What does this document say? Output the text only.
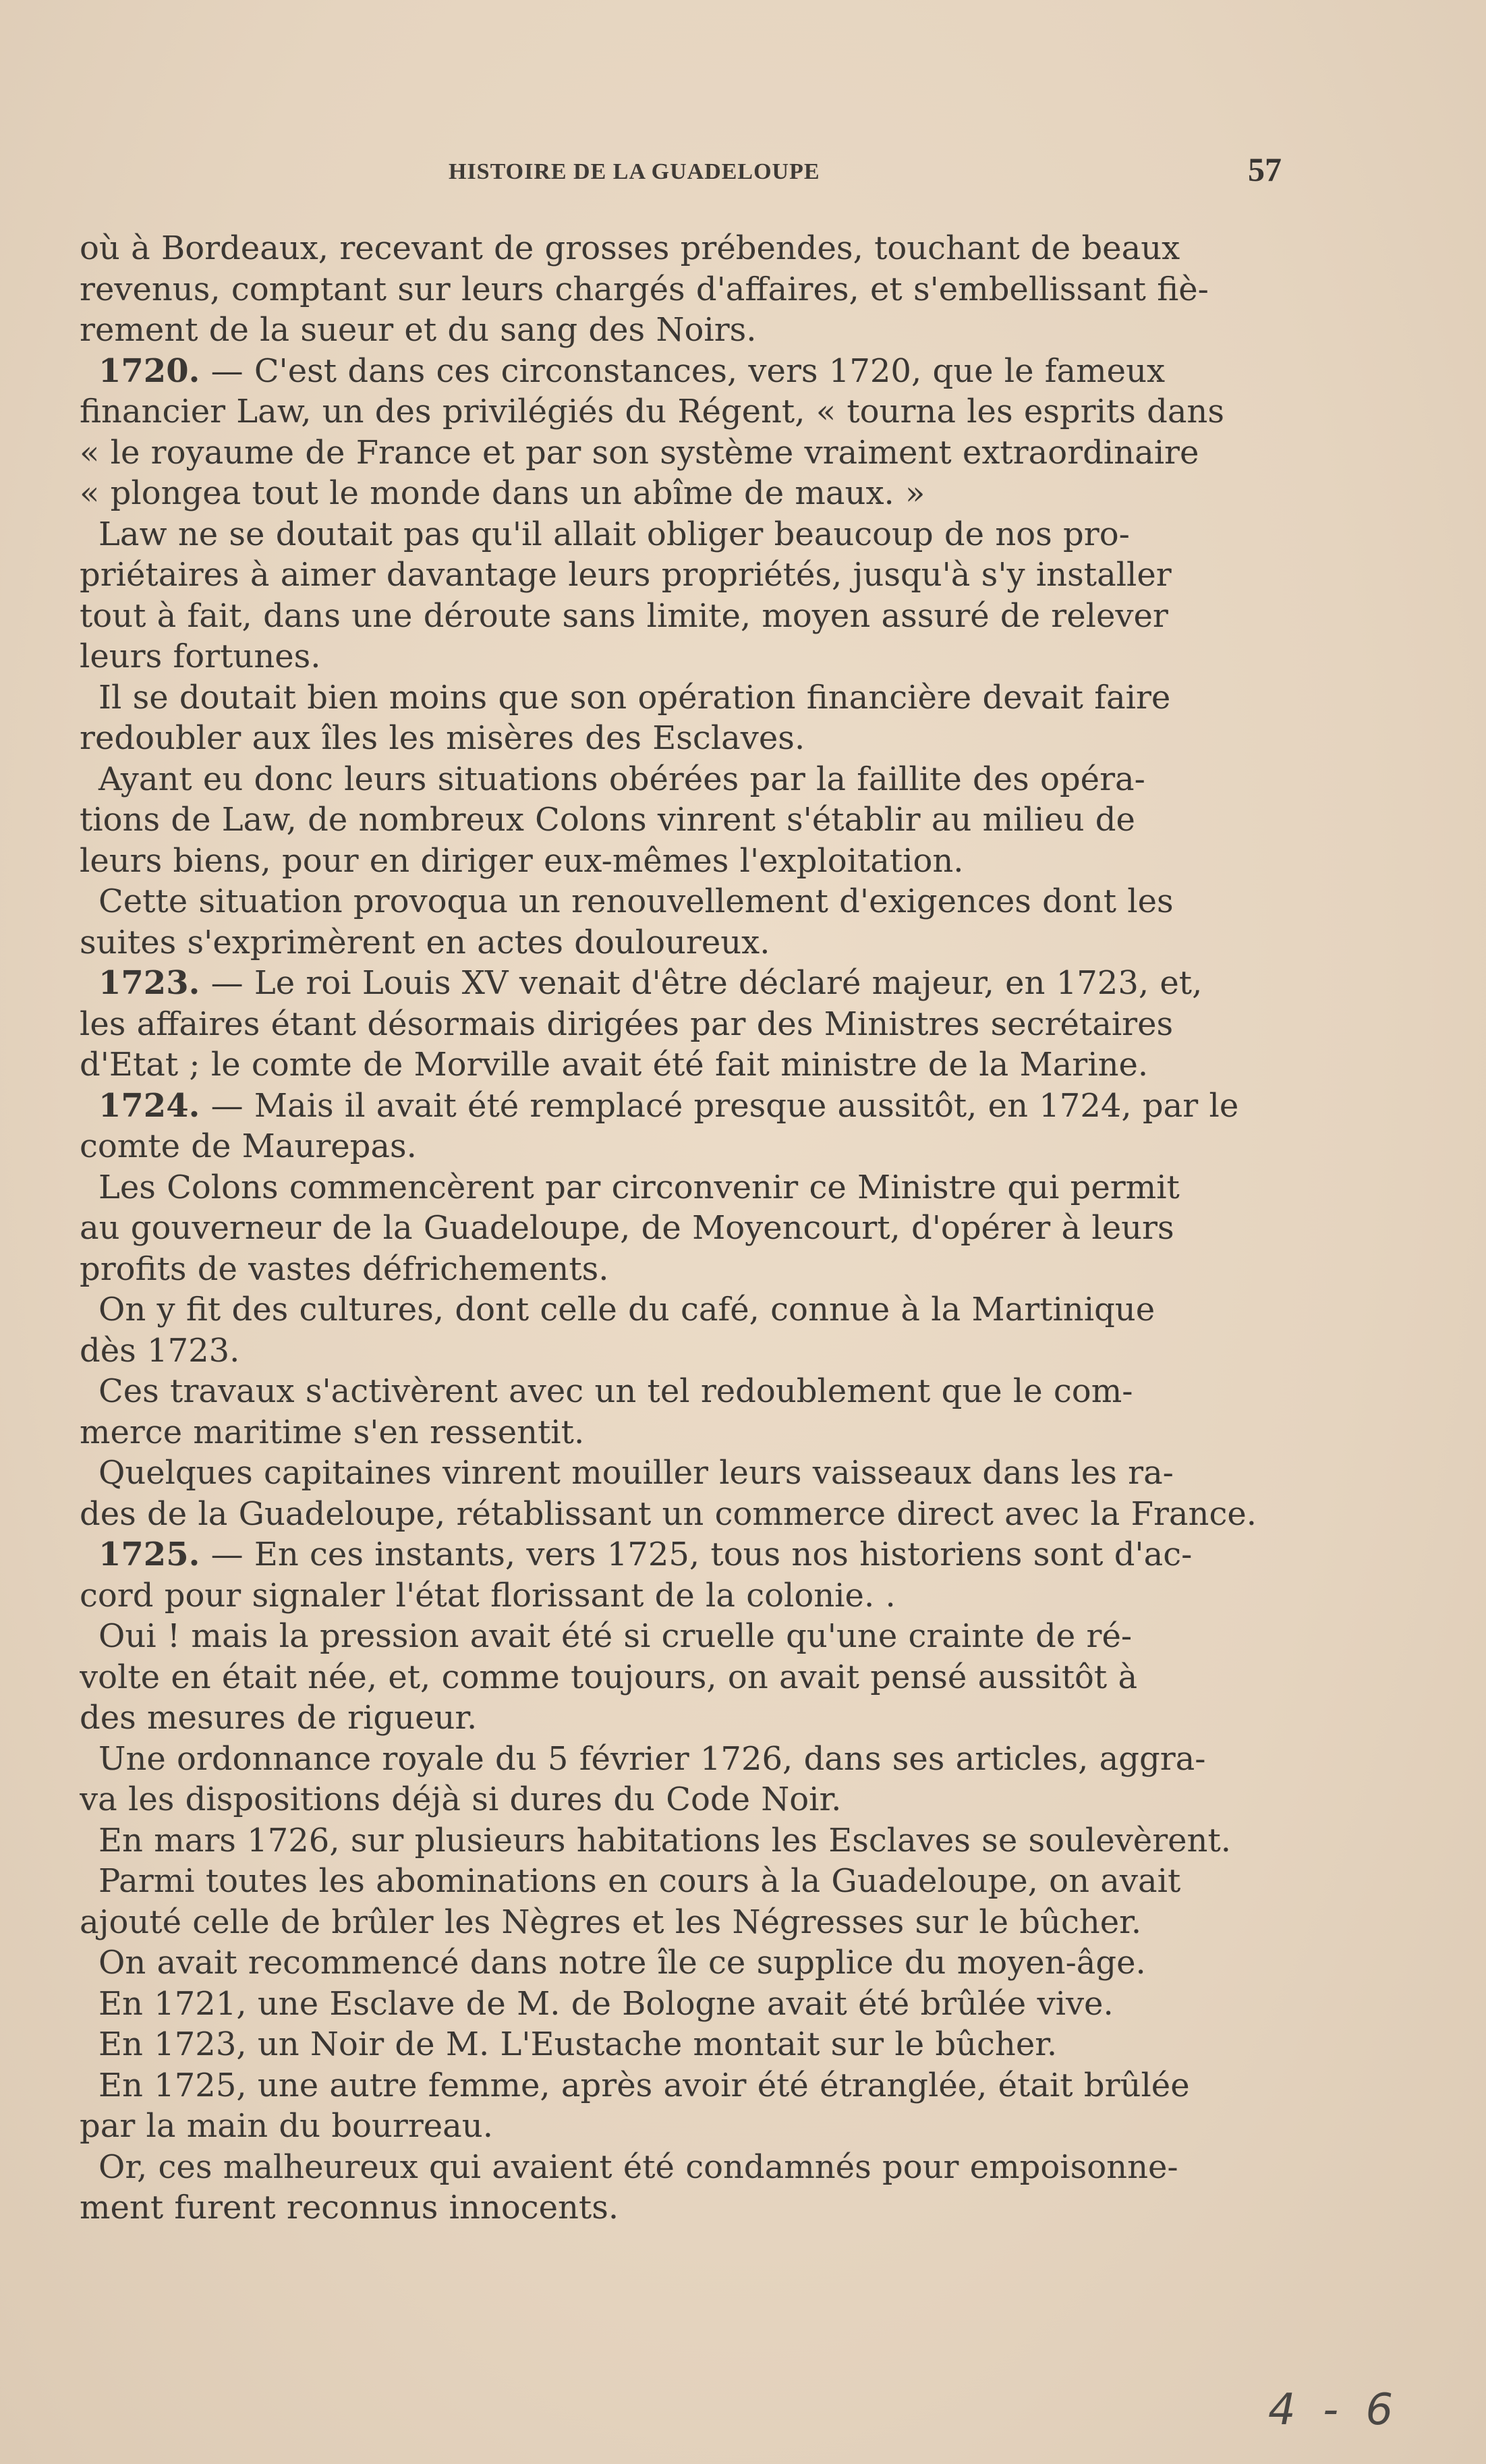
HISTOIRE DE LA GUADELOUPE	57
où à Bordeaux, recevant de grosses prébendes, touchant de beaux
revenus, comptant sur leurs chargés d'affaires, et s'embellissant fiè-
rement de la sueur et du sang des Noirs.
1720. — C'est dans ces circonstances, vers 1720, que le fameux
financier Law, un des privilégiés du Régent, « tourna les esprits dans
« le royaume de France et par son système vraiment extraordinaire
« plongea tout le monde dans un abîme de maux. »
Law ne se doutait pas qu'il allait obliger beaucoup de nos pro-
priétaires à aimer davantage leurs propriétés, jusqu'à s'y installer
tout à fait, dans une déroute sans limite, moyen assuré de relever
leurs fortunes.
Il se doutait bien moins que son opération financière devait faire
redoubler aux îles les misères des Esclaves.
Ayant eu donc leurs situations obérées par la faillite des opéra-
tions de Law, de nombreux Colons vinrent s'établir au milieu de
leurs biens, pour en diriger eux-mêmes l'exploitation.
Cette situation provoqua un renouvellement d'exigences dont les
suites s'exprimèrent en actes douloureux.
1723. — Le roi Louis XV venait d'être déclaré majeur, en 1723, et,
les affaires étant désormais dirigées par des Ministres secrétaires
d'Etat ; le comte de Morville avait été fait ministre de la Marine.
1724. — Mais il avait été remplacé presque aussitôt, en 1724, par le
comte de Maurepas.
Les Colons commencèrent par circonvenir ce Ministre qui permit
au gouverneur de la Guadeloupe, de Moyencourt, d'opérer à leurs
profits de vastes défrichements.
On y fit des cultures, dont celle du café, connue à la Martinique
dès 1723.
Ces travaux s'activèrent avec un tel redoublement que le com-
merce maritime s'en ressentit.
Quelques capitaines vinrent mouiller leurs vaisseaux dans les ra-
des de la Guadeloupe, rétablissant un commerce direct avec la France.
1725. — En ces instants, vers 1725, tous nos historiens sont d'ac-
cord pour signaler l'état florissant de la colonie. .
Oui ! mais la pression avait été si cruelle qu'une crainte de ré-
volte en était née, et, comme toujours, on avait pensé aussitôt à
des mesures de rigueur.
Une ordonnance royale du 5 février 1726, dans ses articles, aggra-
va les dispositions déjà si dures du Code Noir.
En mars 1726, sur plusieurs habitations les Esclaves se soulevèrent.
Parmi toutes les abominations en cours à la Guadeloupe, on avait
ajouté celle de brûler les Nègres et les Négresses sur le bûcher.
On avait recommencé dans notre île ce supplice du moyen-âge.
En 1721, une Esclave de M. de Bologne avait été brûlée vive.
En 1723, un Noir de M. L'Eustache montait sur le bûcher.
En 1725, une autre femme, après avoir été étranglée, était brûlée
par la main du bourreau.
Or, ces malheureux qui avaient été condamnés pour empoisonne-
ment furent reconnus innocents.
4 - 6
